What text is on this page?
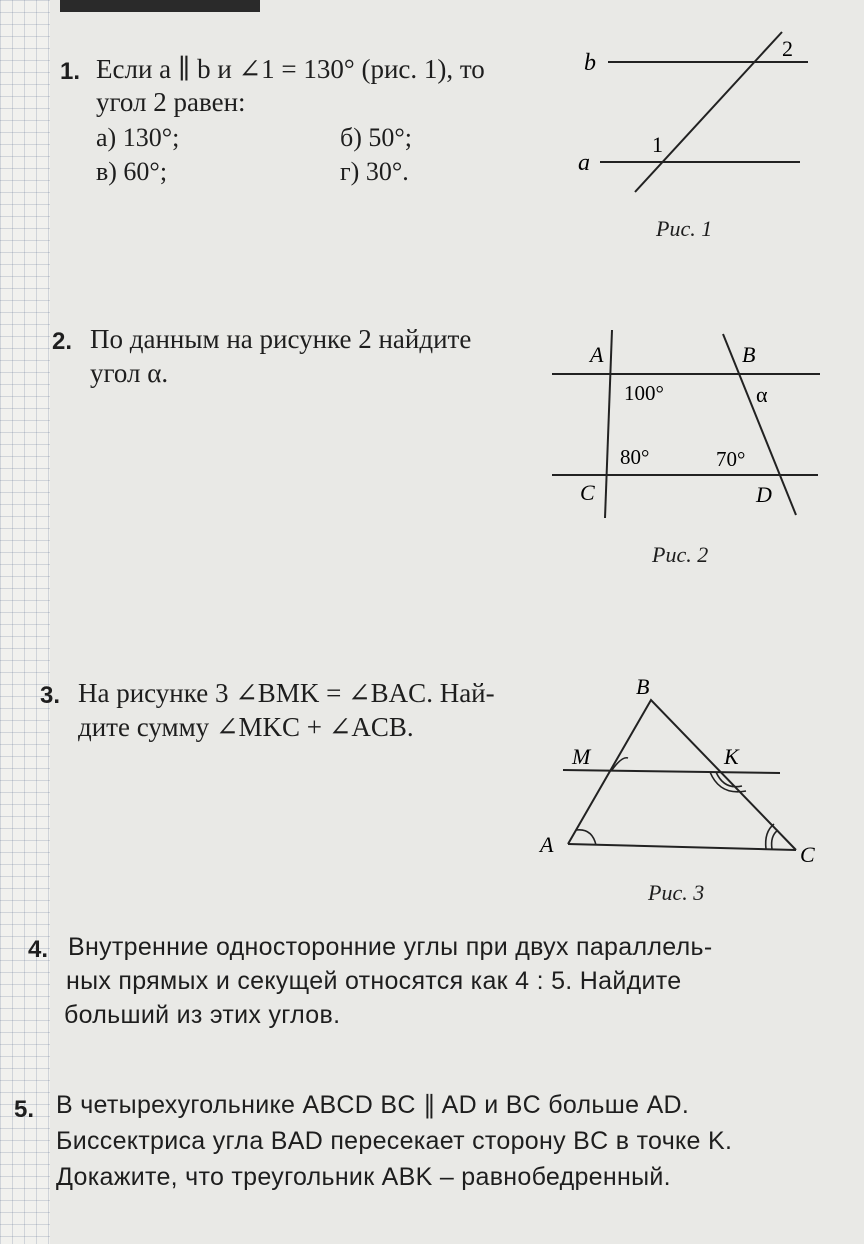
1. Если a ∥ b и ∠1 = 130° (рис. 1), то
угол 2 равен:
а) 130°;	б) 50°;
в) 60°;	г) 30°.
b
2
1
a
Рис. 1
2. По данным на рисунке 2 найдите
угол α.
A	B
100°	α
80°	70°
C	D
Рис. 2
3. На рисунке 3 ∠BMK = ∠BAC. Най-
дите сумму ∠MKC + ∠ACB.
B
M	K
A	C
Рис. 3
4. Внутренние односторонние углы при двух параллель-
ных прямых и секущей относятся как 4 : 5. Найдите
больший из этих углов.
5. В четырехугольнике ABCD BC ∥ AD и BC больше AD.
Биссектриса угла BAD пересекает сторону BC в точке K.
Докажите, что треугольник ABK – равнобедренный.
